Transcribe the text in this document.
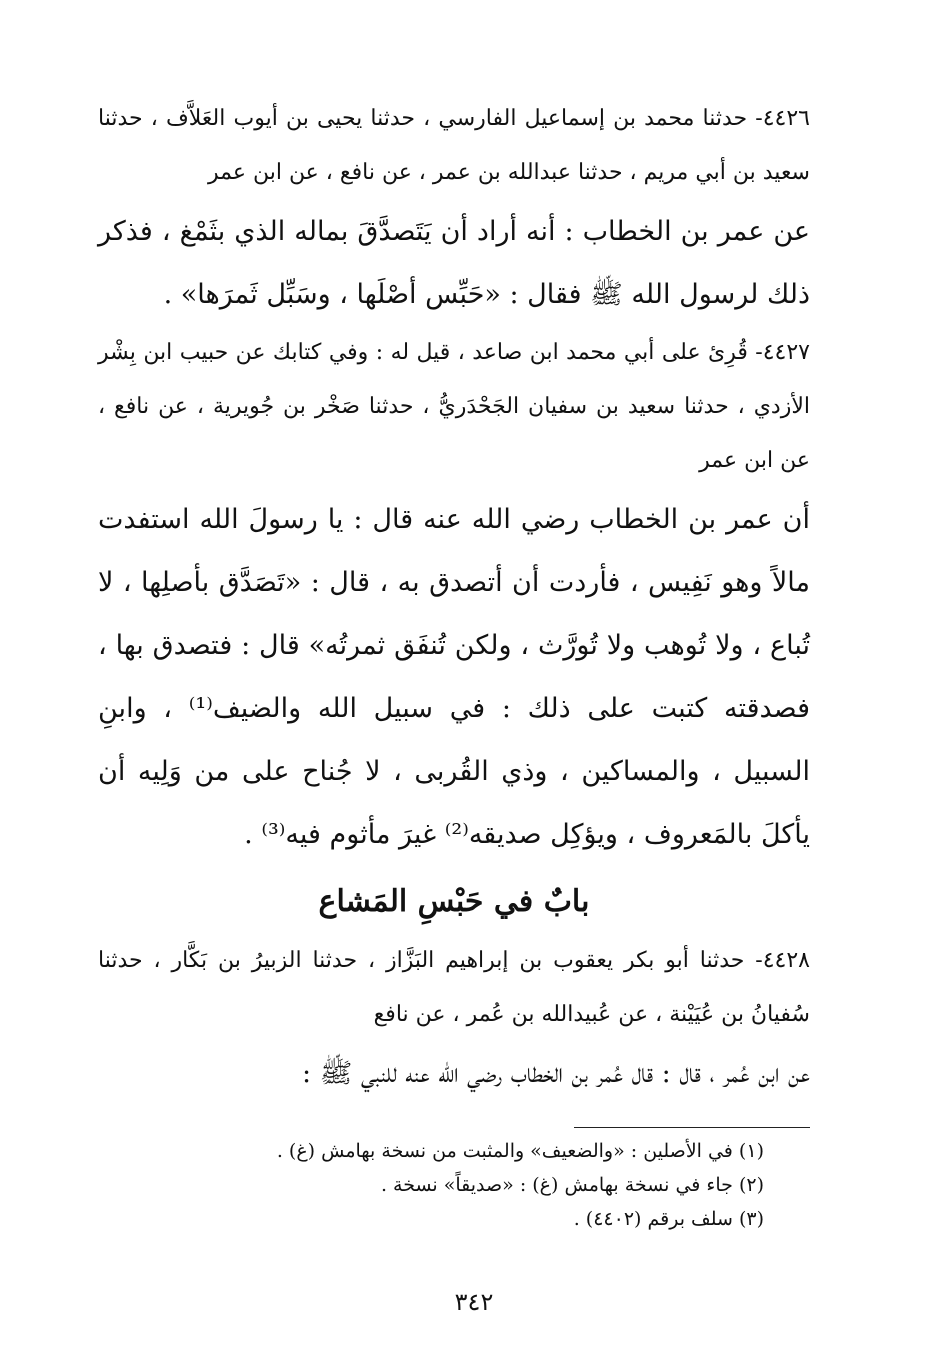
٤٤٢٦- حدثنا محمد بن إسماعيل الفارسي ، حدثنا يحيى بن أيوب العَلاَّف ، حدثنا سعيد بن أبي مريم ، حدثنا عبدالله بن عمر ، عن نافع ، عن ابن عمر
عن عمر بن الخطاب : أنه أراد أن يَتَصدَّقَ بماله الذي بثَمْغ ، فذكر ذلك لرسول الله ﷺ فقال : «حَبِّس أصْلَها ، وسَبِّل ثَمرَها» .
٤٤٢٧- قُرِئ على أبي محمد ابن صاعد ، قيل له : وفي كتابك عن حبيب ابن بِشْر الأزدي ، حدثنا سعيد بن سفيان الجَحْدَريُّ ، حدثنا صَخْر بن جُويرية ، عن نافع ، عن ابن عمر
أن عمر بن الخطاب رضي الله عنه قال : يا رسولَ الله استفدت مالاً وهو نَفِيس ، فأردت أن أتصدق به ، قال : «تَصَدَّق بأصلِها ، لا تُباع ، ولا تُوهب ولا تُورَّث ، ولكن تُنفَق ثمرتُه» قال : فتصدق بها ، فصدقته كتبت على ذلك : في سبيل الله والضيف⁽¹⁾ ، وابنِ السبيل ، والمساكين ، وذي القُربى ، لا جُناح على من وَلِيه أن يأكلَ بالمَعروف ، ويؤكِل صديقه⁽²⁾ غيرَ مأثوم فيه⁽³⁾ .
بابٌ في حَبْسِ المَشاع
٤٤٢٨- حدثنا أبو بكر يعقوب بن إبراهيم البَزَّاز ، حدثنا الزبيرُ بن بَكَّار ، حدثنا سُفيانُ بن عُيَيْنة ، عن عُبيدالله بن عُمر ، عن نافع
عن ابن عُمر ، قال : قال عُمر بن الخطاب رضي الله عنه للنبي ﷺ :
(١) في الأصلين : «والضعيف» والمثبت من نسخة بهامش (غ) .
(٢) جاء في نسخة بهامش (غ) : «صديقاً» نسخة .
(٣) سلف برقم (٤٤٠٢) .
٣٤٢
